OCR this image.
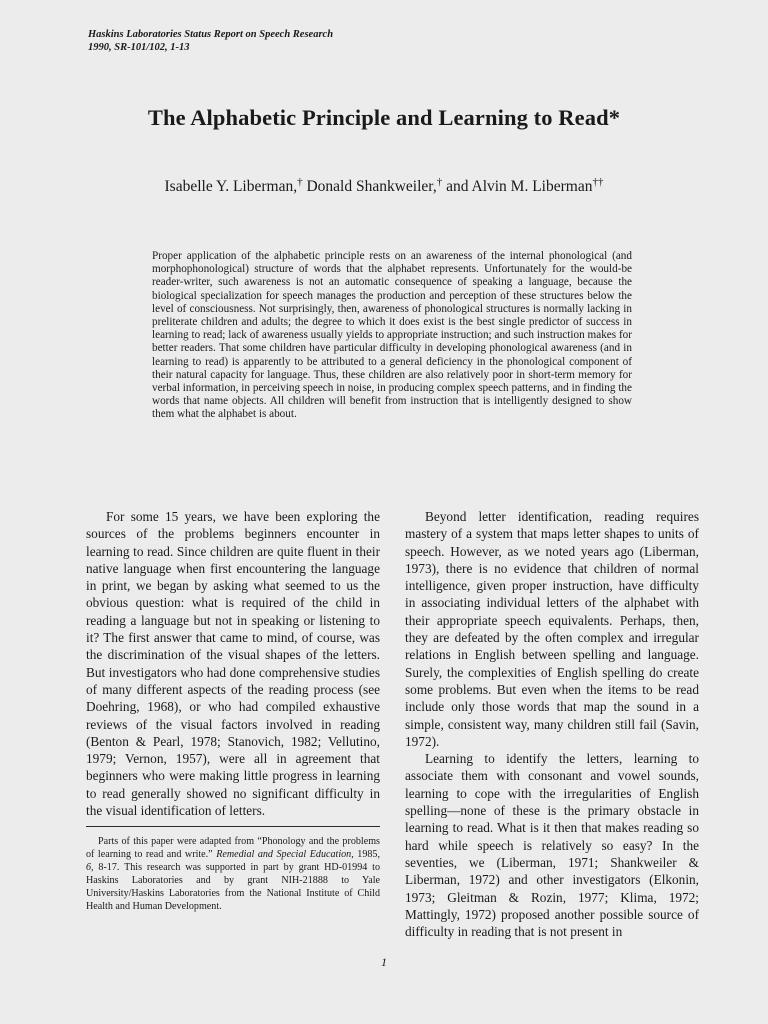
Haskins Laboratories Status Report on Speech Research
1990, SR-101/102, 1-13
The Alphabetic Principle and Learning to Read*
Isabelle Y. Liberman,† Donald Shankweiler,† and Alvin M. Liberman††
Proper application of the alphabetic principle rests on an awareness of the internal phonological (and morphophonological) structure of words that the alphabet represents. Unfortunately for the would-be reader-writer, such awareness is not an automatic consequence of speaking a language, because the biological specialization for speech manages the production and perception of these structures below the level of consciousness. Not surprisingly, then, awareness of phonological structures is normally lacking in preliterate children and adults; the degree to which it does exist is the best single predictor of success in learning to read; lack of awareness usually yields to appropriate instruction; and such instruction makes for better readers. That some children have particular difficulty in developing phonological awareness (and in learning to read) is apparently to be attributed to a general deficiency in the phonological component of their natural capacity for language. Thus, these children are also relatively poor in short-term memory for verbal information, in perceiving speech in noise, in producing complex speech patterns, and in finding the words that name objects. All children will benefit from instruction that is intelligently designed to show them what the alphabet is about.

For some 15 years, we have been exploring the sources of the problems beginners encounter in learning to read. Since children are quite fluent in their native language when first encountering the language in print, we began by asking what seemed to us the obvious question: what is required of the child in reading a language but not in speaking or listening to it? The first answer that came to mind, of course, was the discrimination of the visual shapes of the letters. But investigators who had done comprehensive studies of many different aspects of the reading process (see Doehring, 1968), or who had compiled exhaustive reviews of the visual factors involved in reading (Benton & Pearl, 1978; Stanovich, 1982; Vellutino, 1979; Vernon, 1957), were all in agreement that beginners who were making little progress in learning to read generally showed no significant difficulty in the visual identification of letters.

Beyond letter identification, reading requires mastery of a system that maps letter shapes to units of speech. However, as we noted years ago (Liberman, 1973), there is no evidence that children of normal intelligence, given proper instruction, have difficulty in associating individual letters of the alphabet with their appropriate speech equivalents. Perhaps, then, they are defeated by the often complex and irregular relations in English between spelling and language. Surely, the complexities of English spelling do create some problems. But even when the items to be read include only those words that map the sound in a simple, consistent way, many children still fail (Savin, 1972).

Learning to identify the letters, learning to associate them with consonant and vowel sounds, learning to cope with the irregularities of English spelling—none of these is the primary obstacle in learning to read. What is it then that makes reading so hard while speech is relatively so easy? In the seventies, we (Liberman, 1971; Shankweiler & Liberman, 1972) and other investigators (Elkonin, 1973; Gleitman & Rozin, 1977; Klima, 1972; Mattingly, 1972) proposed another possible source of difficulty in reading that is not present in

Parts of this paper were adapted from “Phonology and the problems of learning to read and write.” Remedial and Special Education, 1985, 6, 8-17. This research was supported in part by grant HD-01994 to Haskins Laboratories and by grant NIH-21888 to Yale University/Haskins Laboratories from the National Institute of Child Health and Human Development.
1
